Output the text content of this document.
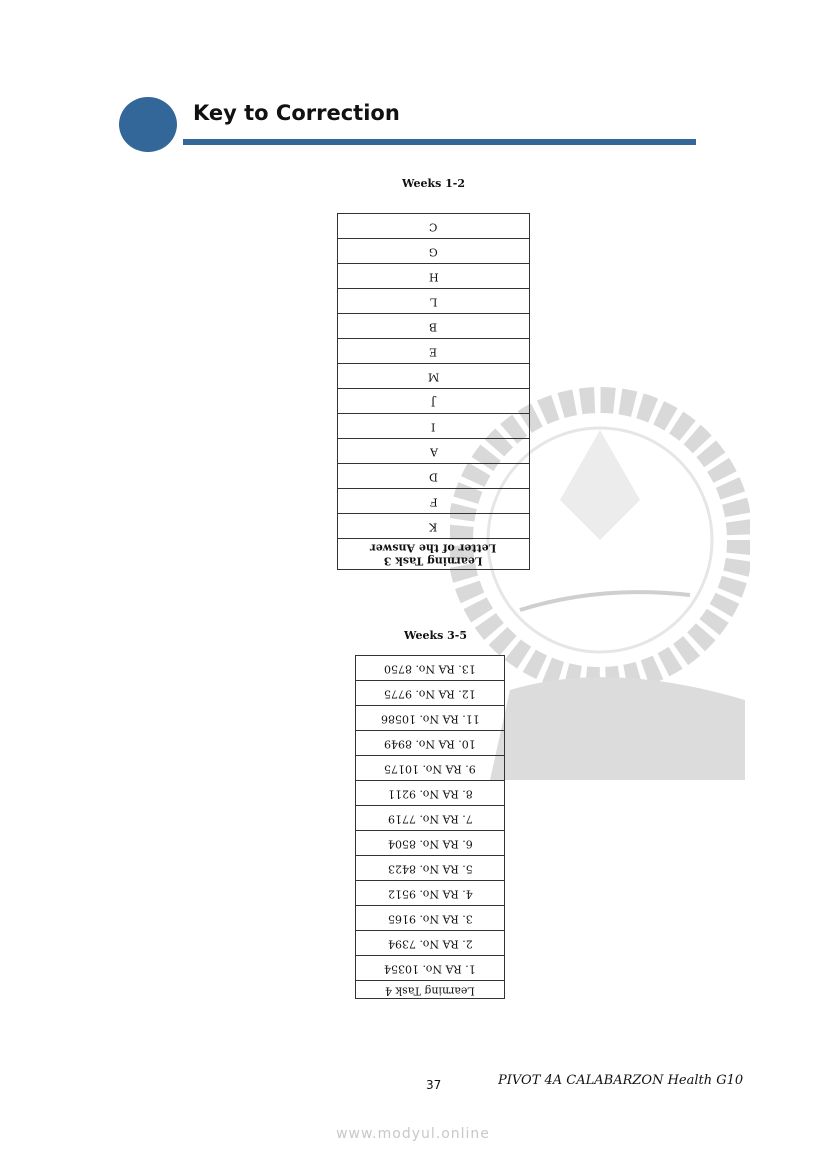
Key to Correction
Weeks 1-2
C
G
H
L
B
E
M
J
I
A
D
F
K

Learning Task 3
Letter of the Answer
Weeks 3-5
13. RA No. 8750
12. RA No. 9775
11. RA No. 10586
10. RA No. 8949
9. RA No. 10175
8. RA No. 9211
7. RA No. 7719
6. RA No. 8504
5. RA No. 8423
4. RA No. 9512
3. RA No. 9165
2. RA No. 7394
1. RA No. 10354
Learning Task 4
37	PIVOT 4A CALABARZON Health G10
www.modyul.online
